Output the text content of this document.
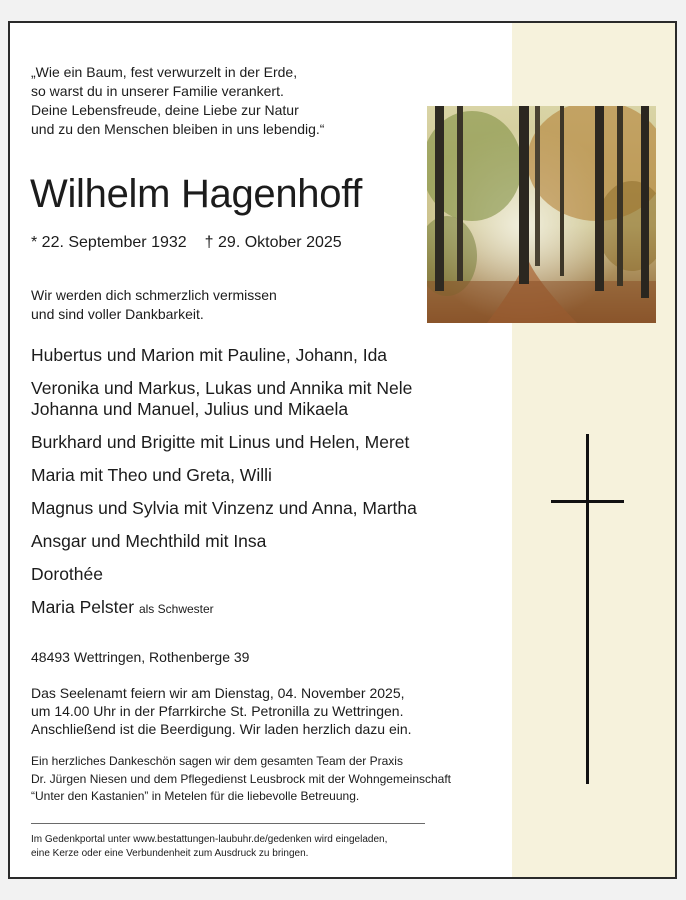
„Wie ein Baum, fest verwurzelt in der Erde,
so warst du in unserer Familie verankert.
Deine Lebensfreude, deine Liebe zur Natur
und zu den Menschen bleiben in uns lebendig.“
Wilhelm Hagenhoff
* 22. September 1932 † 29. Oktober 2025
Wir werden dich schmerzlich vermissen
und sind voller Dankbarkeit.
Hubertus und Marion mit Pauline, Johann, Ida
Veronika und Markus, Lukas und Annika mit Nele
Johanna und Manuel, Julius und Mikaela
Burkhard und Brigitte mit Linus und Helen, Meret
Maria mit Theo und Greta, Willi
Magnus und Sylvia mit Vinzenz und Anna, Martha
Ansgar und Mechthild mit Insa
Dorothée
Maria Pelster als Schwester
48493 Wettringen, Rothenberge 39
Das Seelenamt feiern wir am Dienstag, 04. November 2025,
um 14.00 Uhr in der Pfarrkirche St. Petronilla zu Wettringen.
Anschließend ist die Beerdigung. Wir laden herzlich dazu ein.
Ein herzliches Dankeschön sagen wir dem gesamten Team der Praxis
Dr. Jürgen Niesen und dem Pflegedienst Leusbrock mit der Wohngemeinschaft
“Unter den Kastanien” in Metelen für die liebevolle Betreuung.
Im Gedenkportal unter www.bestattungen-laubuhr.de/gedenken wird eingeladen,
eine Kerze oder eine Verbundenheit zum Ausdruck zu bringen.
